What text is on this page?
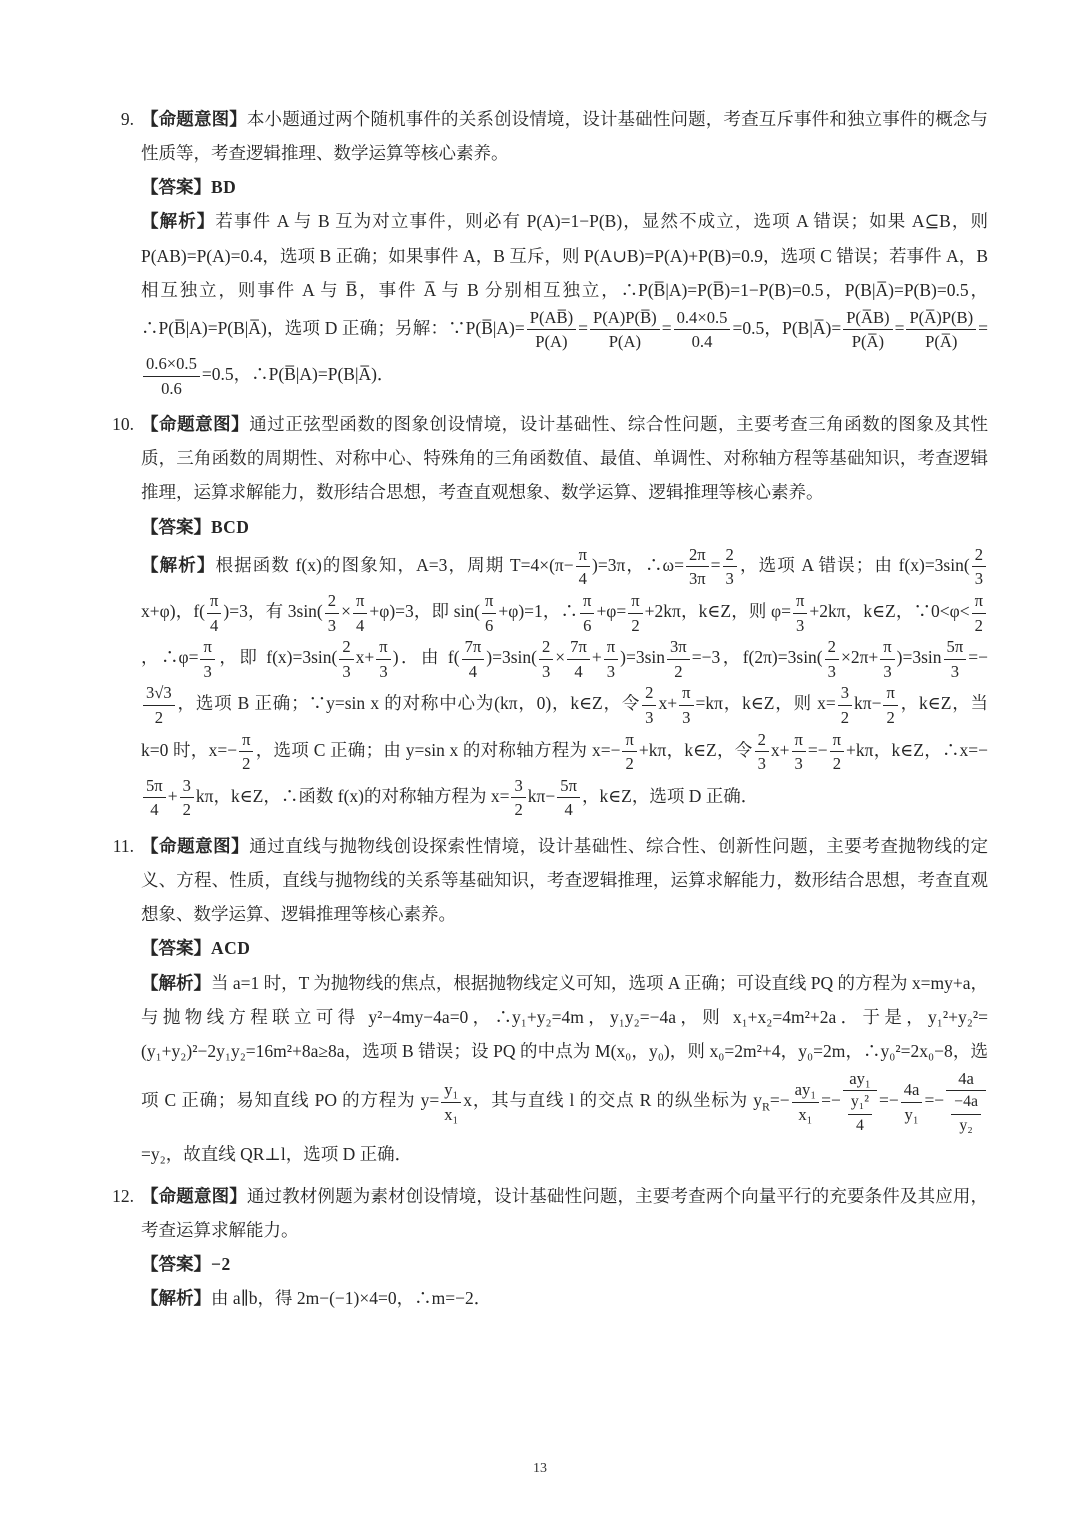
9. 【命题意图】本小题通过两个随机事件的关系创设情境，设计基础性问题，考查互斥事件和独立事件的概念与性质等，考查逻辑推理、数学运算等核心素养。

【答案】BD

【解析】若事件 A 与 B 互为对立事件，则必有 P(A)=1−P(B)，显然不成立，选项 A 错误；如果 A⊆B，则 P(AB)=P(A)=0.4，选项 B 正确；如果事件 A，B 互斥，则 P(A∪B)=P(A)+P(B)=0.9，选项 C 错误；若事件 A，B 相互独立，则事件 A 与 B̅，事件 A̅ 与 B 分别相互独立，∴P(B̅|A)=P(B̅)=1−P(B)=0.5，P(B|A̅)=P(B)=0.5，∴P(B̅|A)=P(B|A̅)，选项 D 正确；另解：∵P(B̅|A)= $\frac{P(AB̅)}{P(A)} = \frac{P(A)P(B̅)}{P(A)} = \frac{0.4\times 0.5}{0.4} =0.5$，P(B|A̅)= $\frac{P(A̅B)}{P(A̅)} = \frac{P(A̅)P(B)}{P(A̅)}$ =
$\frac{0.6\times 0.5}{0.6} =0.5$，∴P(B̅|A)=P(B|A̅)．

10. 【命题意图】通过正弦型函数的图象创设情境，设计基础性、综合性问题，主要考查三角函数的图象及其性质，三角函数的周期性、对称中心、特殊角的三角函数值、最值、单调性、对称轴方程等基础知识，考查逻辑推理，运算求解能力，数形结合思想，考查直观想象、数学运算、逻辑推理等核心素养。

【答案】BCD

【解析】根据函数 f(x)的图象知，A=3，周期 $T=4\times(\pi- \frac{\pi}{4} )=3\pi$，∴ω= $\frac{2\pi}{3\pi} = \frac{2}{3}$ ，选项 A 错误；由 $f(x)=3\sin( \frac{2}{3}$
x+φ)，$f( \frac{\pi}{4} )=3$，有 $3\sin( \frac{2}{3} \times \frac{\pi}{4} +\varphi)=3$，即 $\sin( \frac{\pi}{6} +\varphi)=1$，∴ $\frac{\pi}{6} +\varphi= \frac{\pi}{2} +2k\pi$，k∈Z，则 $\varphi= \frac{\pi}{3} +2k\pi$，k∈Z，∵0<φ< $\frac{\pi}{2}$
，∴φ= $\frac{\pi}{3}$ ，即 $f(x)=3\sin( \frac{2}{3} x+ \frac{\pi}{3}$ )．由 $f( \frac{7\pi}{4} )=3\sin( \frac{2}{3} \times \frac{7\pi}{4} + \frac{\pi}{3} )=3\sin \frac{3\pi}{2} =-3$，$f(2\pi)=3\sin( \frac{2}{3} \times 2\pi+ \frac{\pi}{3} )=3\sin \frac{5\pi}{3}$ =−
$\frac{3√3}{2}$ ，选项 B 正确；∵y=sin x 的对称中心为(kπ，0)，k∈Z，令 $\frac{2}{3} x+ \frac{\pi}{3} =k\pi$，k∈Z，则 $x= \frac{3}{2} k\pi- \frac{\pi}{2}$ ，k∈Z，当 k=0 时，$x=- \frac{\pi}{2}$ ，选项 C 正确；由 y=sin x 的对称轴方程为 $x=- \frac{\pi}{2} +k\pi$，k∈Z，令 $\frac{2}{3} x+ \frac{\pi}{3} =- \frac{\pi}{2} +k\pi$，k∈Z，∴x=−
$\frac{5\pi}{4} + \frac{3}{2}$ kπ，k∈Z，∴函数 f(x)的对称轴方程为 $x= \frac{3}{2} k\pi- \frac{5\pi}{4}$ ，k∈Z，选项 D 正确．

11. 【命题意图】通过直线与抛物线创设探索性情境，设计基础性、综合性、创新性问题，主要考查抛物线的定义、方程、性质，直线与抛物线的关系等基础知识，考查逻辑推理，运算求解能力，数形结合思想，考查直观想象、数学运算、逻辑推理等核心素养。

【答案】ACD

【解析】当 a=1 时，T 为抛物线的焦点，根据抛物线定义可知，选项 A 正确；可设直线 PQ 的方程为 x=my+a，与抛物线方程联立可得 y²−4my−4a=0，∴y₁+y₂=4m，y₁y₂=−4a，则 x₁+x₂=4m²+2a．于是，y₁²+y₂²=(y₁+y₂)²−2y₁y₂=16m²+8a≥8a，选项 B 错误；设 PQ 的中点为 M(x₀，y₀)，则 x₀=2m²+4，y₀=2m，∴y₀²=2x₀−8，选项 C 正确；易知直线 PO 的方程为 $y= \frac{\text{y₁}}{\text{x₁}}$ x，其与直线 l 的交点 R 的纵坐标为 $y_R=- \frac{\text{ay₁}}{\text{x₁}} =- \frac{\text{ay₁}}{\frac{\text{y₁²}}{4}} =- \frac{4a}{\text{y₁}} =- \frac{4a}{\frac{-4a}{\text{y₂}}}$
=y₂，故直线 QR⊥l，选项 D 正确．

12. 【命题意图】通过教材例题为素材创设情境，设计基础性问题，主要考查两个向量平行的充要条件及其应用，考查运算求解能力。

【答案】−2

【解析】由 a∥b，得 2m−(−1)×4=0，∴m=−2．

13
